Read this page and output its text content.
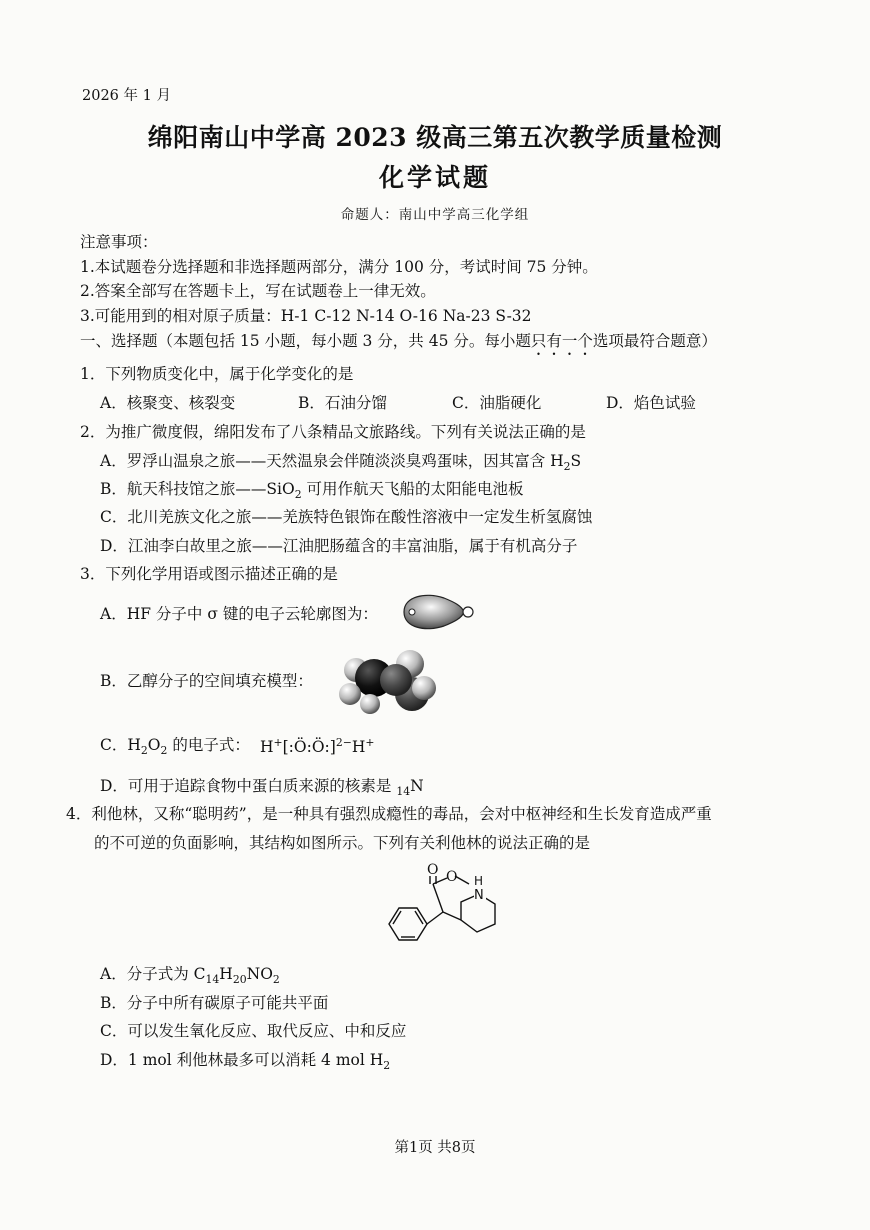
2026 年 1 月
绵阳南山中学高 2023 级高三第五次教学质量检测
化学试题
命题人：南山中学高三化学组
注意事项：
1.本试题卷分选择题和非选择题两部分，满分 100 分，考试时间 75 分钟。
2.答案全部写在答题卡上，写在试题卷上一律无效。
3.可能用到的相对原子质量：H-1 C-12 N-14 O-16 Na-23 S-32
一、选择题（本题包括 15 小题，每小题 3 分，共 45 分。每小题只有一个选项最符合题意）
1．下列物质变化中，属于化学变化的是
A．核聚变、核裂变	B．石油分馏	C．油脂硬化	D．焰色试验
2．为推广微度假，绵阳发布了八条精品文旅路线。下列有关说法正确的是
A．罗浮山温泉之旅——天然温泉会伴随淡淡臭鸡蛋味，因其富含 $H_2S$
B．航天科技馆之旅——SiO$_2$ 可用作航天飞船的太阳能电池板
C．北川羌族文化之旅——羌族特色银饰在酸性溶液中一定发生析氢腐蚀
D．江油李白故里之旅——江油肥肠蕴含的丰富油脂，属于有机高分子
3．下列化学用语或图示描述正确的是
A．HF 分子中 σ 键的电子云轮廓图为：
B．乙醇分子的空间填充模型：
C．$H_2O_2$ 的电子式： H+[:Ö:Ö:]$^{2-}$H+
D．可用于追踪食物中蛋白质来源的核素是 $_{14}$N
4．利他林，又称“聪明药”，是一种具有强烈成瘾性的毒品，会对中枢神经和生长发育造成严重
的不可逆的负面影响，其结构如图所示。下列有关利他林的说法正确的是
O O H
N
A．分子式为 $C_{14}H_{20}NO_2$
B．分子中所有碳原子可能共平面
C．可以发生氧化反应、取代反应、中和反应
D．1 mol 利他林最多可以消耗 4 mol $H_2$
第1页 共8页
